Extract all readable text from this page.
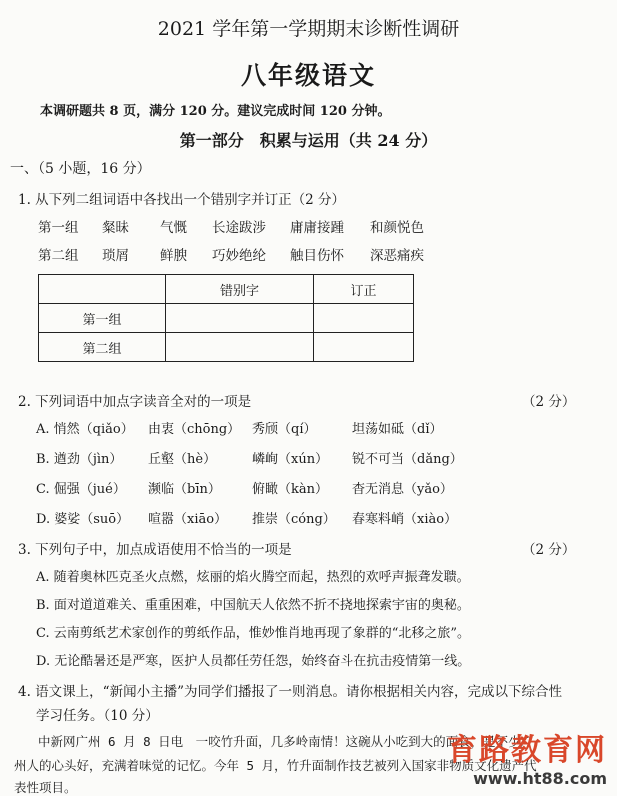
2021 学年第一学期期末诊断性调研
八年级语文
本调研题共 8 页，满分 120 分。建议完成时间 120 分钟。
第一部分　积累与运用（共 24 分）
一、（5 小题，16 分）
1. 从下列二组词语中各找出一个错别字并订正（2 分）
第一组	粲昧	气慨	长途跋涉	庸庸接踵	和颜悦色
第二组	琐屑	鲜腴	巧妙绝纶	触目伤怀	深恶痛疾
	错别字	订正
第一组		
第二组		
2. 下列词语中加点字读音全对的一项是	（2 分）
A. 悄然（qiǎo）	由衷（chōng） 秀颀（qí）	坦荡如砥（dǐ）
B. 遒劲（jìn）	丘壑（hè）	嶙峋（xún）	锐不可当（dǎng）
C. 倔强（jué）	濒临（bīn）	俯瞰（kàn）	杳无消息（yǎo）
D. 婆娑（suō）	喧嚣（xiāo）	推崇（cóng）	春寒料峭（xiào）
3. 下列句子中，加点成语使用不恰当的一项是	（2 分）
A. 随着奥林匹克圣火点燃，炫丽的焰火腾空而起，热烈的欢呼声振聋发聩。
B. 面对道道难关、重重困难，中国航天人依然不折不挠地探索宇宙的奥秘。
C. 云南剪纸艺术家创作的剪纸作品，惟妙惟肖地再现了象群的“北移之旅”。
D. 无论酷暑还是严寒，医护人员都任劳任怨，始终奋斗在抗击疫情第一线。
4. 语文课上，“新闻小主播”为同学们播报了一则消息。请你根据相关内容，完成以下综合性
学习任务。（10 分）
中新网广州 6 月 8 日电　一咬竹升面，几多岭南情！这碗从小吃到大的面食，是不少广
州人的心头好，充满着味觉的记忆。今年 5 月，竹升面制作技艺被列入国家非物质文化遗产代
表性项目。
育路教育网
www.ht88.com
